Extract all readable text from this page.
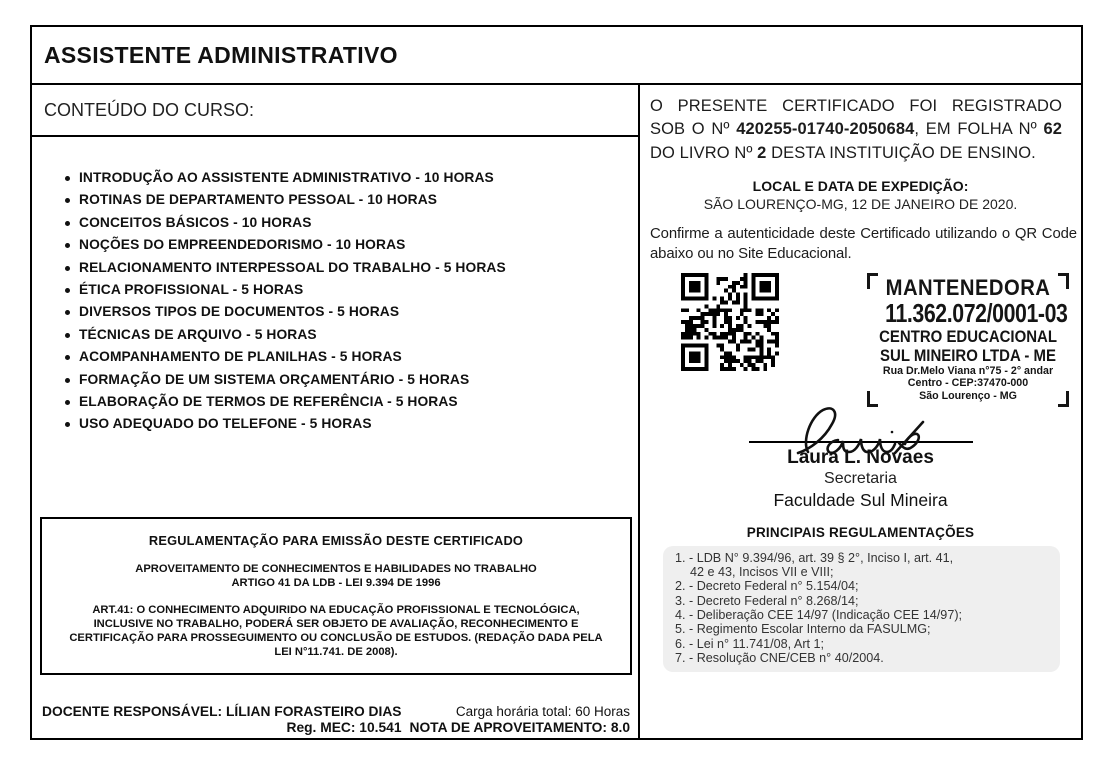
ASSISTENTE ADMINISTRATIVO
CONTEÚDO DO CURSO:
INTRODUÇÃO AO ASSISTENTE ADMINISTRATIVO - 10 HORAS
ROTINAS DE DEPARTAMENTO PESSOAL - 10 HORAS
CONCEITOS BÁSICOS - 10 HORAS
NOÇÕES DO EMPREENDEDORISMO - 10 HORAS
RELACIONAMENTO INTERPESSOAL DO TRABALHO - 5 HORAS
ÉTICA PROFISSIONAL - 5 HORAS
DIVERSOS TIPOS DE DOCUMENTOS - 5 HORAS
TÉCNICAS DE ARQUIVO - 5 HORAS
ACOMPANHAMENTO DE PLANILHAS - 5 HORAS
FORMAÇÃO DE UM SISTEMA ORÇAMENTÁRIO - 5 HORAS
ELABORAÇÃO DE TERMOS DE REFERÊNCIA - 5 HORAS
USO ADEQUADO DO TELEFONE - 5 HORAS
REGULAMENTAÇÃO PARA EMISSÃO DESTE CERTIFICADO
APROVEITAMENTO DE CONHECIMENTOS E HABILIDADES NO TRABALHO
ARTIGO 41 DA LDB - LEI 9.394 DE 1996
ART.41: O CONHECIMENTO ADQUIRIDO NA EDUCAÇÃO PROFISSIONAL E TECNOLÓGICA, INCLUSIVE NO TRABALHO, PODERÁ SER OBJETO DE AVALIAÇÃO, RECONHECIMENTO E CERTIFICAÇÃO PARA PROSSEGUIMENTO OU CONCLUSÃO DE ESTUDOS. (REDAÇÃO DADA PELA LEI N°11.741. DE 2008).
DOCENTE RESPONSÁVEL: LÍLIAN FORASTEIRO DIAS
Reg. MEC: 10.541
Carga horária total: 60 Horas
NOTA DE APROVEITAMENTO: 8.0
O PRESENTE CERTIFICADO FOI REGISTRADO
SOB O Nº 420255-01740-2050684, EM FOLHA Nº 62
DO LIVRO Nº 2 DESTA INSTITUIÇÃO DE ENSINO.
LOCAL E DATA DE EXPEDIÇÃO:
SÃO LOURENÇO-MG, 12 DE JANEIRO DE 2020.
Confirme a autenticidade deste Certificado utilizando o QR Code
abaixo ou no Site Educacional.
MANTENEDORA
11.362.072/0001-03
CENTRO EDUCACIONAL
SUL MINEIRO LTDA - ME
Rua Dr.Melo Viana n°75 - 2° andar
Centro - CEP:37470-000
São Lourenço - MG
Laura L. Novaes
Secretaria
Faculdade Sul Mineira
PRINCIPAIS REGULAMENTAÇÕES
1. - LDB N° 9.394/96, art. 39 § 2°, Inciso I, art. 41,
42 e 43, Incisos VII e VIII;
2. - Decreto Federal n° 5.154/04;
3. - Decreto Federal n° 8.268/14;
4. - Deliberação CEE 14/97 (Indicação CEE 14/97);
5. - Regimento Escolar Interno da FASULMG;
6. - Lei n° 11.741/08, Art 1;
7. - Resolução CNE/CEB n° 40/2004.
